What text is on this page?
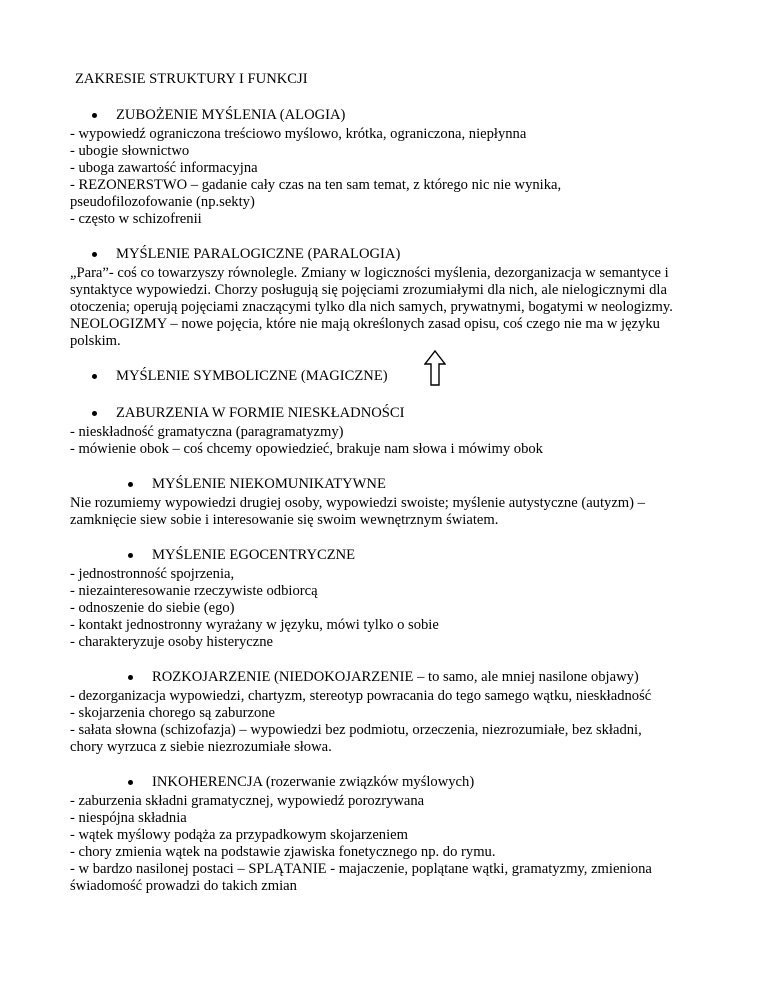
ZAKRESIE STRUKTURY I FUNKCJI
ZUBOŻENIE MYŚLENIA (ALOGIA)
- wypowiedź ograniczona treściowo myślowo, krótka, ograniczona, niepłynna
- ubogie słownictwo
- uboga zawartość informacyjna
- REZONERSTWO – gadanie cały czas na ten sam temat, z którego nic nie wynika,
pseudofilozofowanie (np.sekty)
- często w schizofrenii
MYŚLENIE PARALOGICZNE (PARALOGIA)
„Para”- coś co towarzyszy równolegle. Zmiany w logiczności myślenia, dezorganizacja w semantyce i
syntaktyce wypowiedzi. Chorzy posługują się pojęciami zrozumiałymi dla nich, ale nielogicznymi dla
otoczenia; operują pojęciami znaczącymi tylko dla nich samych, prywatnymi, bogatymi w neologizmy.
NEOLOGIZMY – nowe pojęcia, które nie mają określonych zasad opisu, coś czego nie ma w języku
polskim.
MYŚLENIE SYMBOLICZNE (MAGICZNE)
ZABURZENIA W FORMIE NIESKŁADNOŚCI
- nieskładność gramatyczna (paragramatyzmy)
- mówienie obok – coś chcemy opowiedzieć, brakuje nam słowa i mówimy obok
MYŚLENIE NIEKOMUNIKATYWNE
Nie rozumiemy wypowiedzi drugiej osoby, wypowiedzi swoiste; myślenie autystyczne (autyzm) –
zamknięcie siew sobie i interesowanie się swoim wewnętrznym światem.
MYŚLENIE EGOCENTRYCZNE
- jednostronność spojrzenia,
- niezainteresowanie rzeczywiste odbiorcą
- odnoszenie do siebie (ego)
- kontakt jednostronny wyrażany w języku, mówi tylko o sobie
- charakteryzuje osoby histeryczne
ROZKOJARZENIE (NIEDOKOJARZENIE – to samo, ale mniej nasilone objawy)
- dezorganizacja wypowiedzi, chartyzm, stereotyp powracania do tego samego wątku, nieskładność
- skojarzenia chorego są zaburzone
- sałata słowna (schizofazja) – wypowiedzi bez podmiotu, orzeczenia, niezrozumiałe, bez składni,
chory wyrzuca z siebie niezrozumiałe słowa.
INKOHERENCJA (rozerwanie związków myślowych)
- zaburzenia składni gramatycznej, wypowiedź porozrywana
- niespójna składnia
- wątek myślowy podąża za przypadkowym skojarzeniem
- chory zmienia wątek na podstawie zjawiska fonetycznego np. do rymu.
- w bardzo nasilonej postaci – SPLĄTANIE - majaczenie, poplątane wątki, gramatyzmy, zmieniona
świadomość prowadzi do takich zmian
